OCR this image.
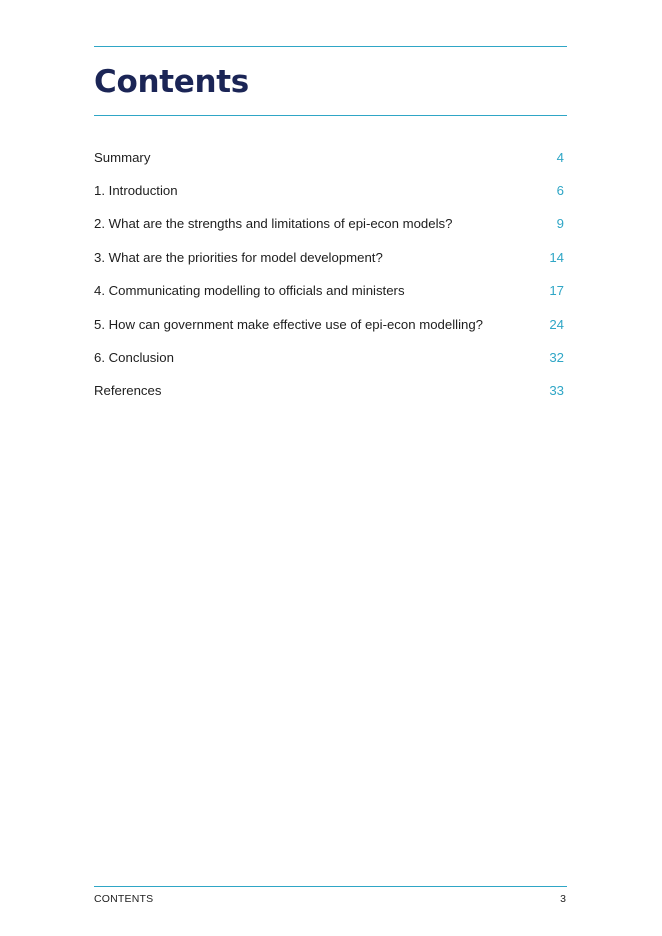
Contents
Summary	4
1. Introduction	6
2. What are the strengths and limitations of epi-econ models?	9
3. What are the priorities for model development?	14
4. Communicating modelling to officials and ministers	17
5. How can government make effective use of epi-econ modelling?	24
6. Conclusion	32
References	33
CONTENTS	3
